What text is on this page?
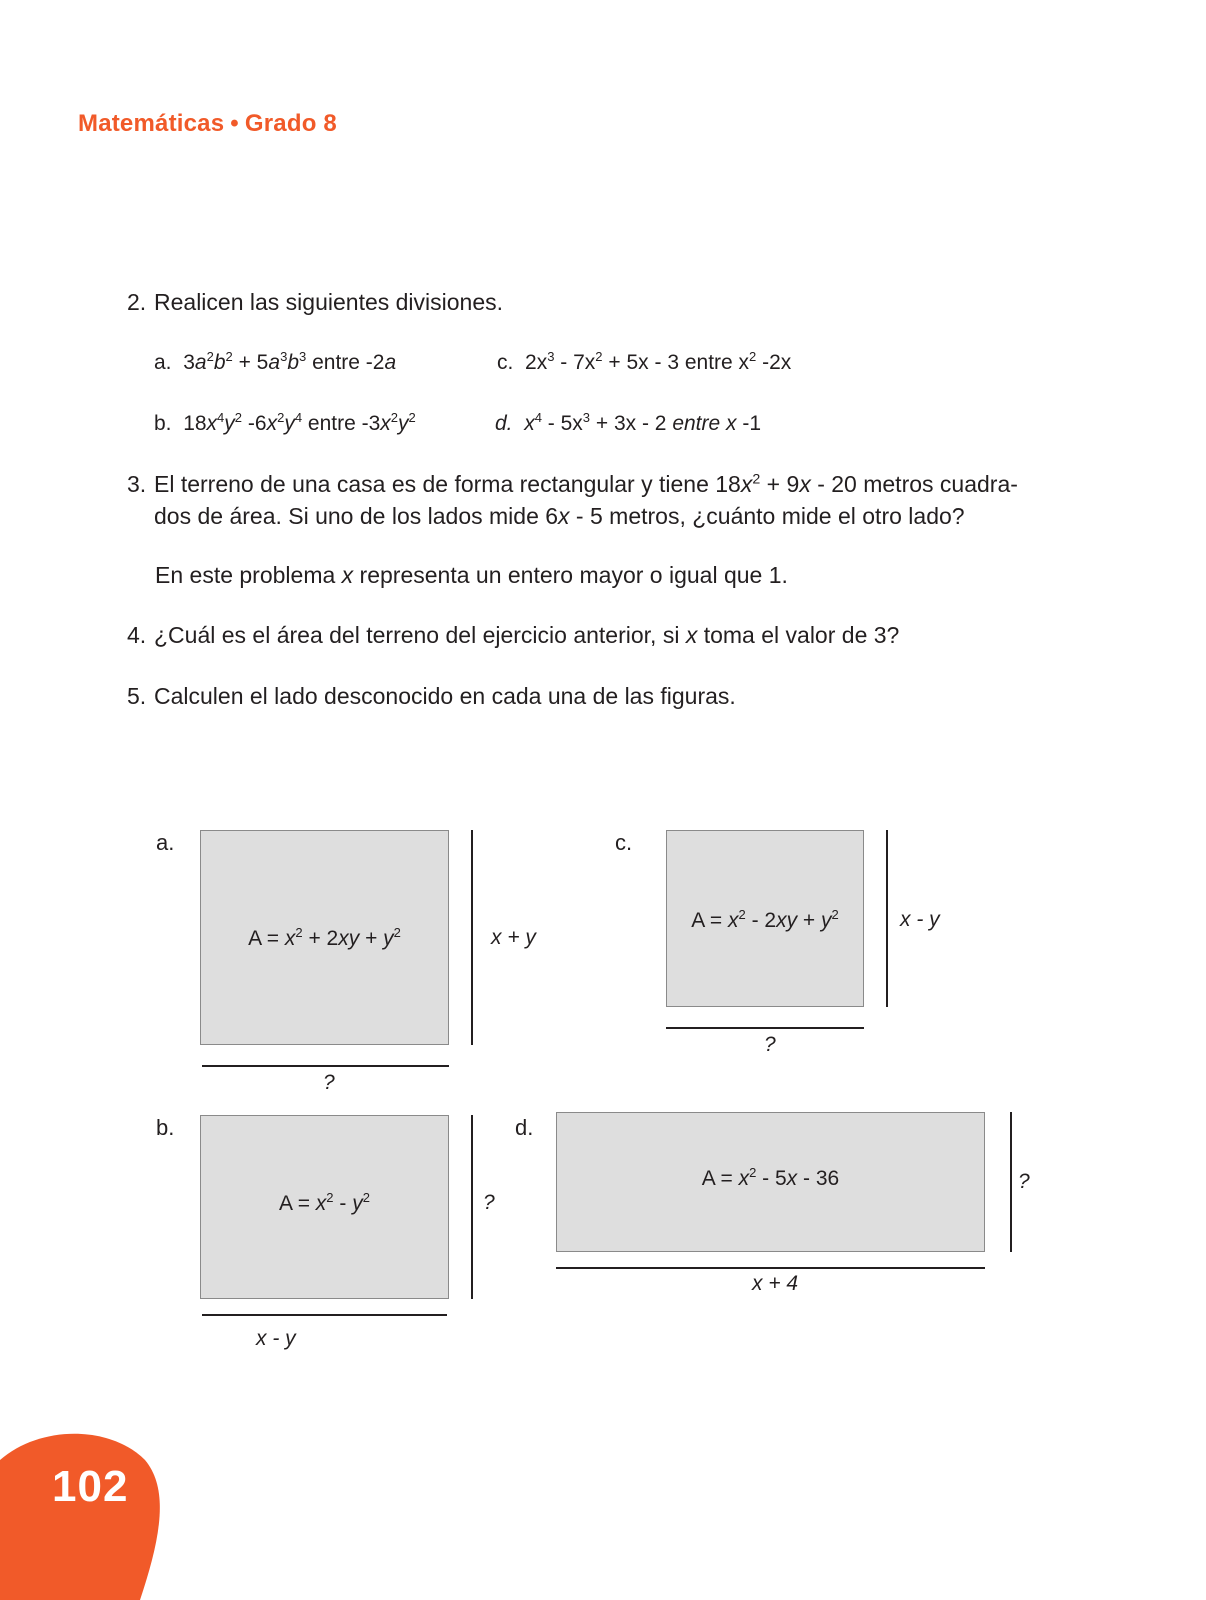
Matemáticas • Grado 8
2. Realicen las siguientes divisiones.
a. $3a^2b^2 + 5a^3b^3$ entre -2a	c. $2x^3 - 7x^2 + 5x - 3$ entre $x^2$ -2x
b. $18x^4y^2$ $-6x^2y^4$ entre $-3x^2y^2$	d. $x^4 - 5x^3 + 3x - 2$ entre x -1
3. El terreno de una casa es de forma rectangular y tiene $18x^2 + 9x - 20$ metros cuadra-
dos de área. Si uno de los lados mide 6x - 5 metros, ¿cuánto mide el otro lado?
En este problema x representa un entero mayor o igual que 1.
4. ¿Cuál es el área del terreno del ejercicio anterior, si x toma el valor de 3?
5. Calculen el lado desconocido en cada una de las figuras.
a.
$A = x^2 + 2xy + y^2$	x + y
?
c.
$A = x^2 - 2xy + y^2$	x - y
?
b.
$A = x^2 - y^2$	?
x - y
d.
$A = x^2 - 5x - 36$	?
x + 4
102
